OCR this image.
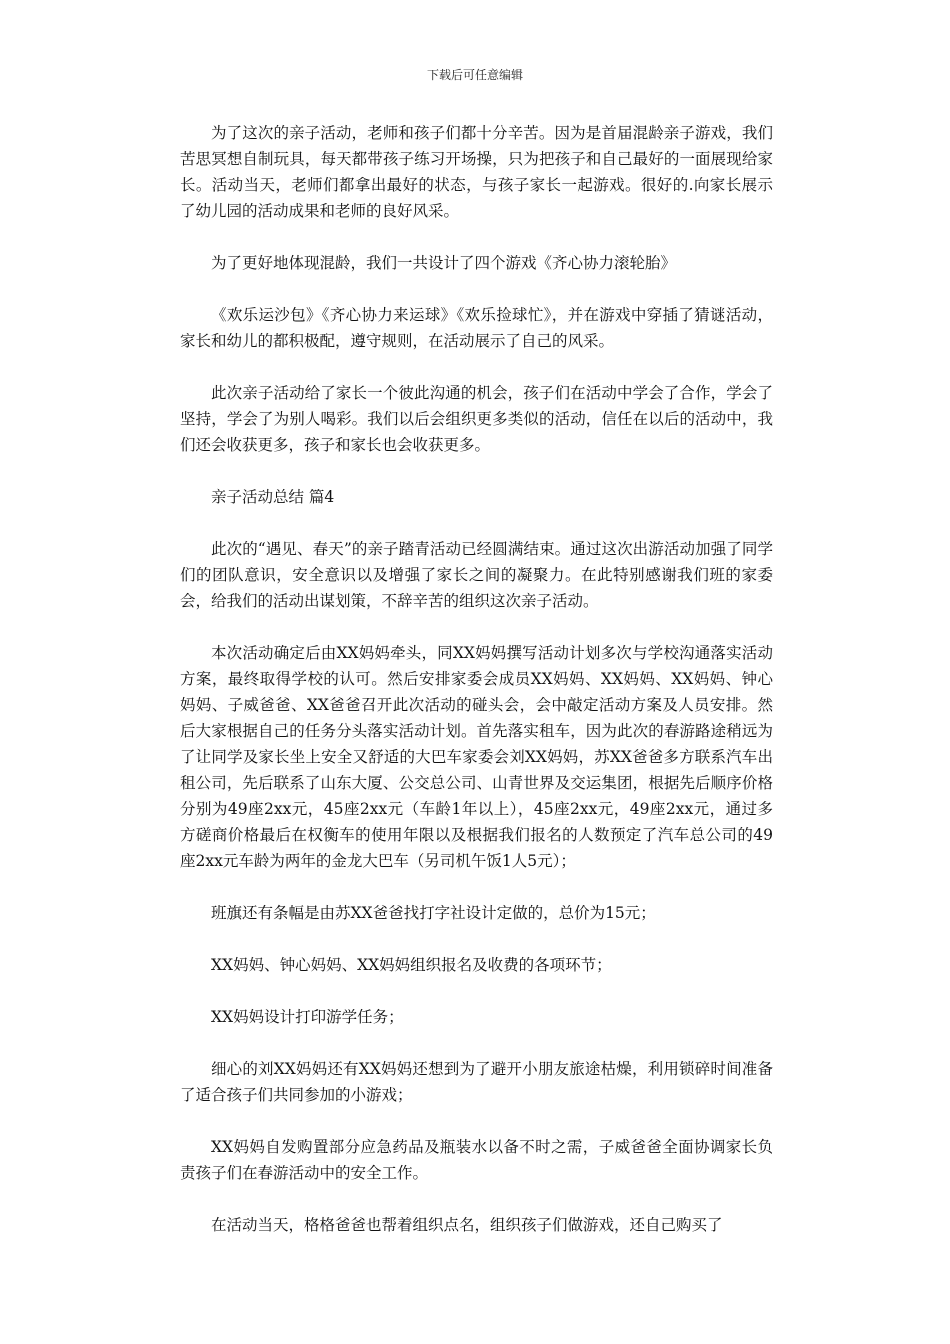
下载后可任意编辑

为了这次的亲子活动，老师和孩子们都十分辛苦。因为是首届混龄亲子游戏，我们苦思冥想自制玩具，每天都带孩子练习开场操，只为把孩子和自己最好的一面展现给家长。活动当天，老师们都拿出最好的状态，与孩子家长一起游戏。很好的.向家长展示了幼儿园的活动成果和老师的良好风采。

为了更好地体现混龄，我们一共设计了四个游戏《齐心协力滚轮胎》

《欢乐运沙包》《齐心协力来运球》《欢乐捡球忙》，并在游戏中穿插了猜谜活动，家长和幼儿的都积极配，遵守规则，在活动展示了自己的风采。

此次亲子活动给了家长一个彼此沟通的机会，孩子们在活动中学会了合作，学会了坚持，学会了为别人喝彩。我们以后会组织更多类似的活动，信任在以后的活动中，我们还会收获更多，孩子和家长也会收获更多。

亲子活动总结 篇4

此次的“遇见、春天”的亲子踏青活动已经圆满结束。通过这次出游活动加强了同学们的团队意识，安全意识以及增强了家长之间的凝聚力。在此特别感谢我们班的家委会，给我们的活动出谋划策，不辞辛苦的组织这次亲子活动。

本次活动确定后由XX妈妈牵头，同XX妈妈撰写活动计划多次与学校沟通落实活动方案，最终取得学校的认可。然后安排家委会成员XX妈妈、XX妈妈、XX妈妈、钟心妈妈、子威爸爸、XX爸爸召开此次活动的碰头会，会中敲定活动方案及人员安排。然后大家根据自己的任务分头落实活动计划。首先落实租车，因为此次的春游路途稍远为了让同学及家长坐上安全又舒适的大巴车家委会刘XX妈妈，苏XX爸爸多方联系汽车出租公司，先后联系了山东大厦、公交总公司、山青世界及交运集团，根据先后顺序价格分别为49座2xx元，45座2xx元（车龄1年以上），45座2xx元，49座2xx元，通过多方磋商价格最后在权衡车的使用年限以及根据我们报名的人数预定了汽车总公司的49座2xx元车龄为两年的金龙大巴车（另司机午饭1人5元）；

班旗还有条幅是由苏XX爸爸找打字社设计定做的，总价为15元；

XX妈妈、钟心妈妈、XX妈妈组织报名及收费的各项环节；

XX妈妈设计打印游学任务；

细心的刘XX妈妈还有XX妈妈还想到为了避开小朋友旅途枯燥，利用锁碎时间准备了适合孩子们共同参加的小游戏；

XX妈妈自发购置部分应急药品及瓶装水以备不时之需，子威爸爸全面协调家长负责孩子们在春游活动中的安全工作。

在活动当天，格格爸爸也帮着组织点名，组织孩子们做游戏，还自己购买了
